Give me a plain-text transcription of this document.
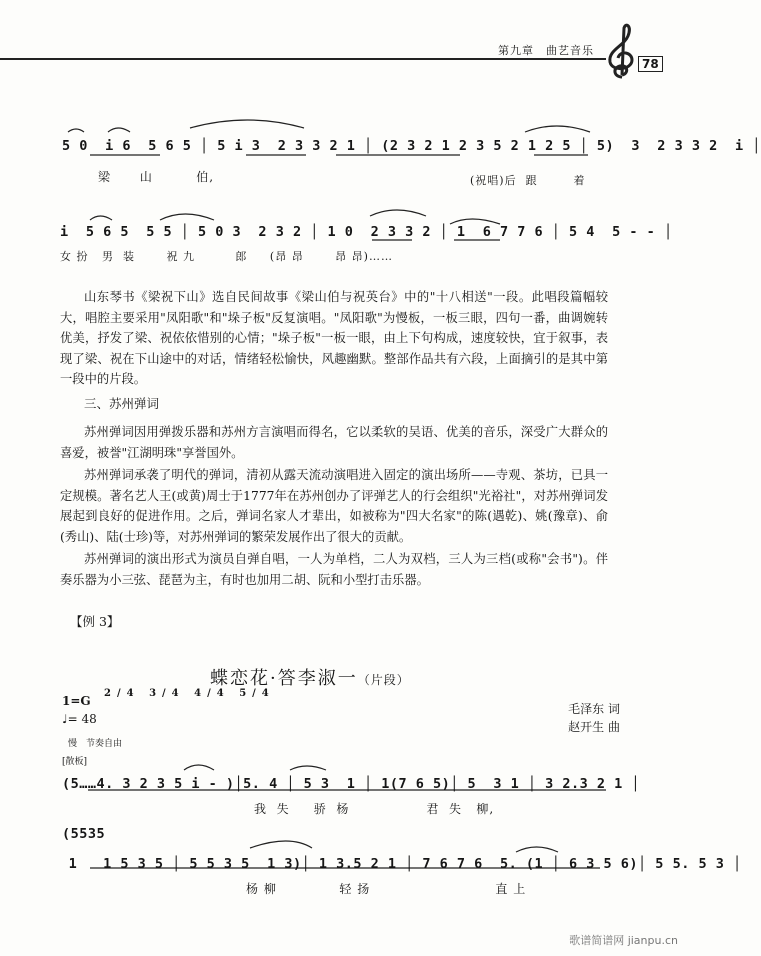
第九章　曲艺音乐
78
5 0  i 6  5 6 5 │ 5 i 3  2 3 3 2 1 │ (2 3 2 1 2 3 5 2 1 2 5 │ 5)  3  2 3 3 2  i │
梁      山         伯,	(祝唱)后  跟        着
i  5 6 5  5 5 │ 5 0 3  2 3 2 │ 1 0  2 3 3 2 │ 1  6 7 7 6 │ 5 4  5 - - │
女 扮   男  装       祝 九         郎     (昂 昂       昂 昂)……

山东琴书《梁祝下山》选自民间故事《梁山伯与祝英台》中的"十八相送"一段。此唱段篇幅较大，唱腔主要采用"凤阳歌"和"垛子板"反复演唱。"凤阳歌"为慢板，一板三眼，四句一番，曲调婉转优美，抒发了梁、祝依依惜别的心情；"垛子板"一板一眼，由上下句构成，速度较快，宜于叙事，表现了梁、祝在下山途中的对话，情绪轻松愉快，风趣幽默。整部作品共有六段，上面摘引的是其中第一段中的片段。

三、苏州弹词

苏州弹词因用弹拨乐器和苏州方言演唱而得名，它以柔软的吴语、优美的音乐，深受广大群众的喜爱，被誉"江湖明珠"享誉国外。

苏州弹词承袭了明代的弹词，清初从露天流动演唱进入固定的演出场所——寺观、茶坊，已具一定规模。著名艺人王(或黄)周士于1777年在苏州创办了评弹艺人的行会组织"光裕社"，对苏州弹词发展起到良好的促进作用。之后，弹词名家人才辈出，如被称为"四大名家"的陈(遇乾)、姚(豫章)、俞(秀山)、陆(士珍)等，对苏州弹词的繁荣发展作出了很大的贡献。

苏州弹词的演出形式为演员自弹自唱，一人为单档，二人为双档，三人为三档(或称"会书")。伴奏乐器为小三弦、琵琶为主，有时也加用二胡、阮和小型打击乐器。

【例 3】
蝶恋花·答李淑一（片段）
1=G
2/4 3/4 4/4 5/4
♩= 48
慢　节奏自由
[散板]
毛泽东 词
赵开生 曲
(5……4. 3 2 3 5 i - )│5. 4 │ 5 3  1 │ 1(7 6 5)│ 5  3 1 │ 3 2.3 2 1 │
我  失     骄  杨                君  失   柳,
(5535
1   1 5 3 5 │ 5 5 3 5  1 3)│ 1 3.5 2 1 │ 7 6 7 6  5. (1 │ 6 3 5 6)│ 5 5. 5 3 │
杨 柳             轻 扬                          直 上
歌谱简谱网 jianpu.cn
